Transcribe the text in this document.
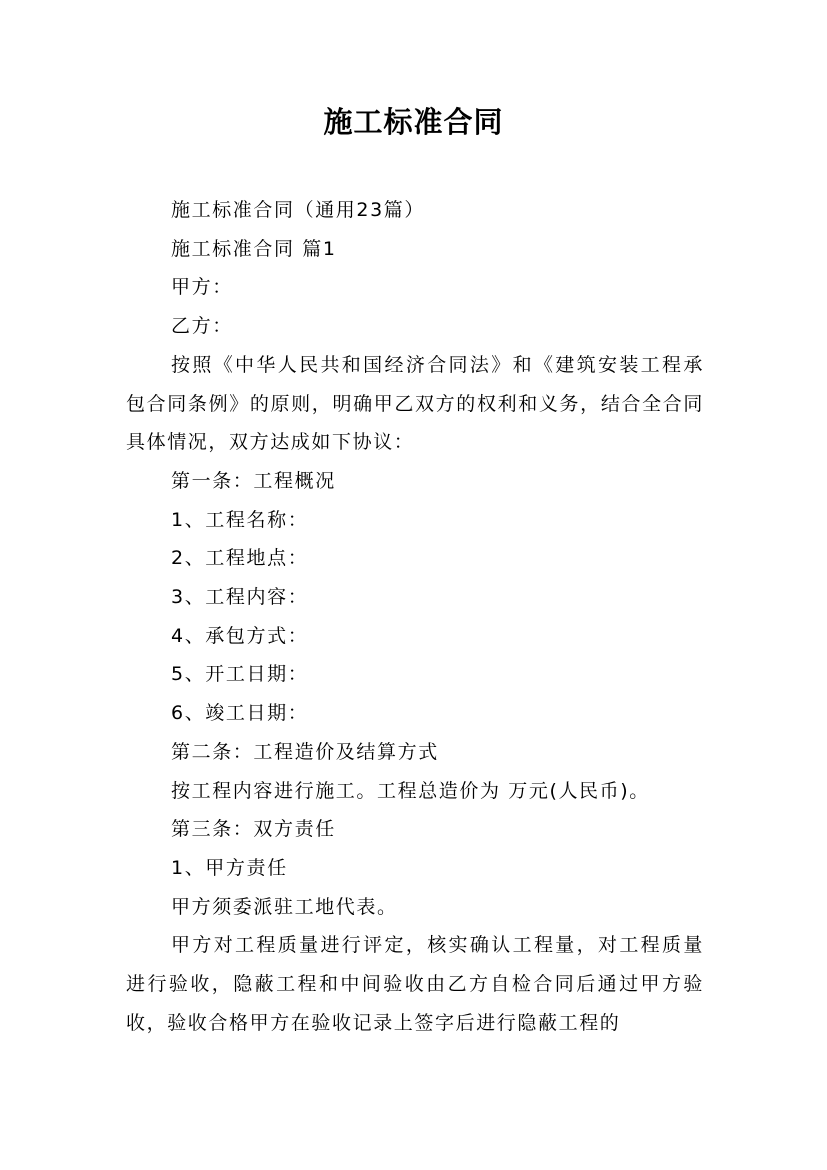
施工标准合同

施工标准合同（通用23篇）

施工标准合同 篇1

甲方：

乙方：

按照《中华人民共和国经济合同法》和《建筑安装工程承包合同条例》的原则，明确甲乙双方的权利和义务，结合全合同具体情况，双方达成如下协议：

第一条：工程概况

1、工程名称：

2、工程地点：

3、工程内容：

4、承包方式：

5、开工日期：

6、竣工日期：

第二条：工程造价及结算方式

按工程内容进行施工。工程总造价为 万元(人民币)。

第三条：双方责任

1、甲方责任

甲方须委派驻工地代表。

甲方对工程质量进行评定，核实确认工程量，对工程质量进行验收，隐蔽工程和中间验收由乙方自检合同后通过甲方验收，验收合格甲方在验收记录上签字后进行隐蔽工程的
